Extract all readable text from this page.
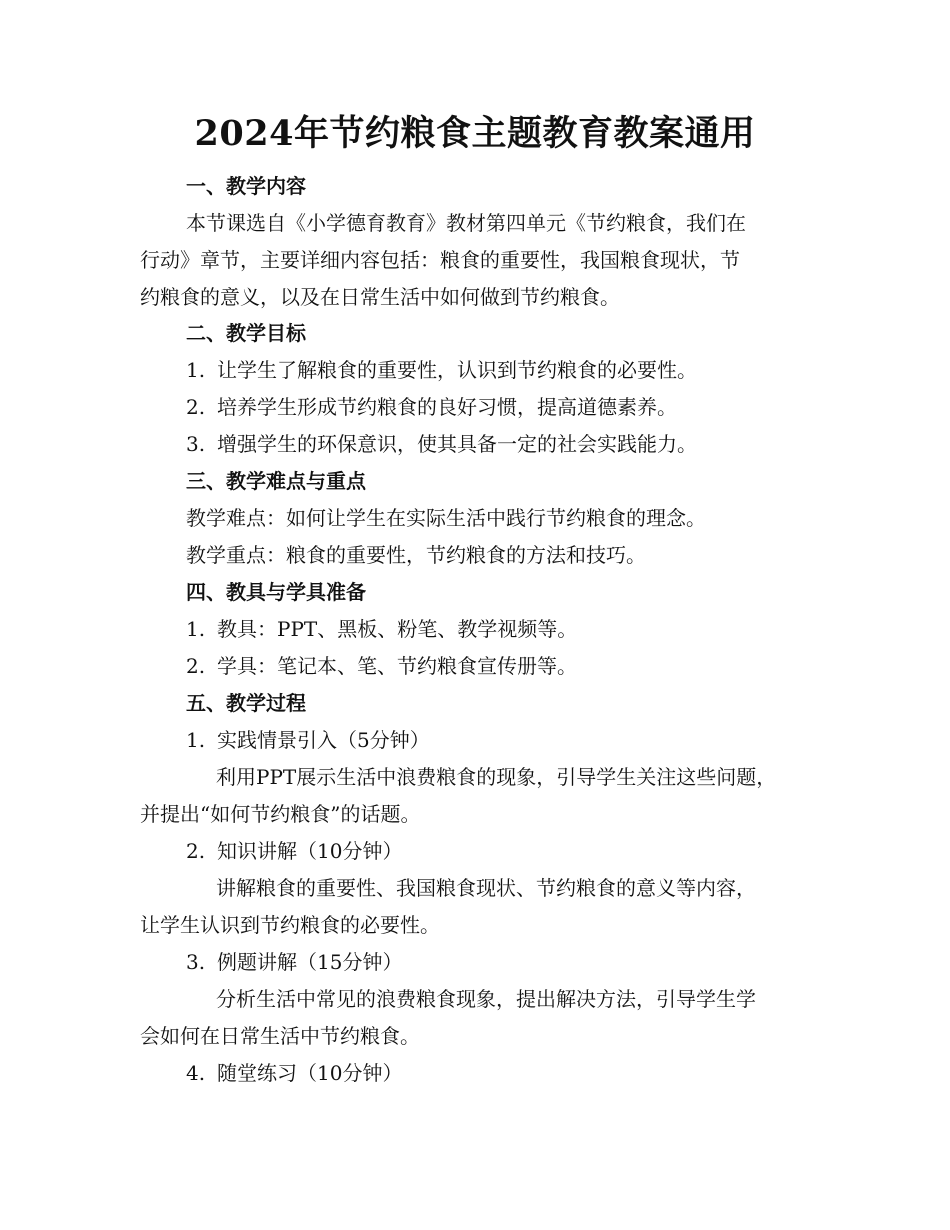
2024年节约粮食主题教育教案通用
一、教学内容
本节课选自《小学德育教育》教材第四单元《节约粮食，我们在
行动》章节，主要详细内容包括：粮食的重要性，我国粮食现状，节
约粮食的意义，以及在日常生活中如何做到节约粮食。
二、教学目标
1. 让学生了解粮食的重要性，认识到节约粮食的必要性。
2. 培养学生形成节约粮食的良好习惯，提高道德素养。
3. 增强学生的环保意识，使其具备一定的社会实践能力。
三、教学难点与重点
教学难点：如何让学生在实际生活中践行节约粮食的理念。
教学重点：粮食的重要性，节约粮食的方法和技巧。
四、教具与学具准备
1. 教具：PPT、黑板、粉笔、教学视频等。
2. 学具：笔记本、笔、节约粮食宣传册等。
五、教学过程
1. 实践情景引入（5分钟）
利用PPT展示生活中浪费粮食的现象，引导学生关注这些问题，
并提出“如何节约粮食”的话题。
2. 知识讲解（10分钟）
讲解粮食的重要性、我国粮食现状、节约粮食的意义等内容，
让学生认识到节约粮食的必要性。
3. 例题讲解（15分钟）
分析生活中常见的浪费粮食现象，提出解决方法，引导学生学
会如何在日常生活中节约粮食。
4. 随堂练习（10分钟）
